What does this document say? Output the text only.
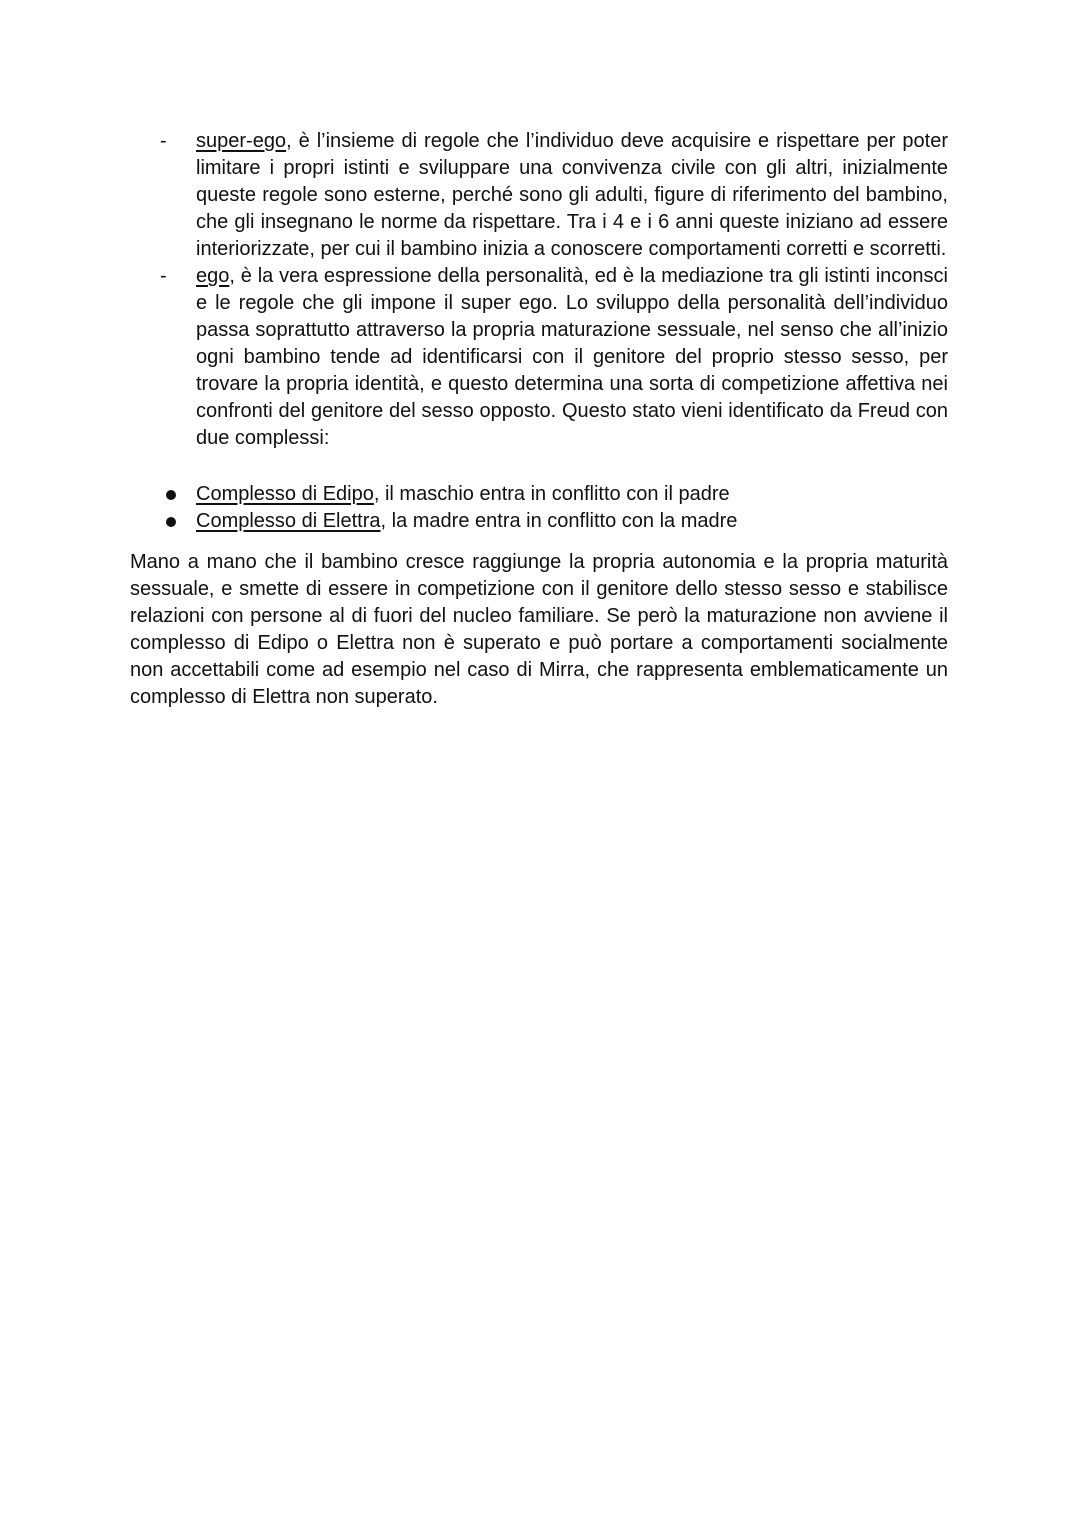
- super-ego, è l’insieme di regole che l’individuo deve acquisire e rispettare per poter limitare i propri istinti e sviluppare una convivenza civile con gli altri, inizialmente queste regole sono esterne, perché sono gli adulti, figure di riferimento del bambino, che gli insegnano le norme da rispettare. Tra i 4 e i 6 anni queste iniziano ad essere interiorizzate, per cui il bambino inizia a conoscere comportamenti corretti e scorretti.
- ego, è la vera espressione della personalità, ed è la mediazione tra gli istinti inconsci e le regole che gli impone il super ego. Lo sviluppo della personalità dell’individuo passa soprattutto attraverso la propria maturazione sessuale, nel senso che all’inizio ogni bambino tende ad identificarsi con il genitore del proprio stesso sesso, per trovare la propria identità, e questo determina una sorta di competizione affettiva nei confronti del genitore del sesso opposto. Questo stato vieni identificato da Freud con due complessi:
Complesso di Edipo, il maschio entra in conflitto con il padre
Complesso di Elettra, la madre entra in conflitto con la madre

Mano a mano che il bambino cresce raggiunge la propria autonomia e la propria maturità sessuale, e smette di essere in competizione con il genitore dello stesso sesso e stabilisce relazioni con persone al di fuori del nucleo familiare. Se però la maturazione non avviene il complesso di Edipo o Elettra non è superato e può portare a comportamenti socialmente non accettabili come ad esempio nel caso di Mirra, che rappresenta emblematicamente un complesso di Elettra non superato.
